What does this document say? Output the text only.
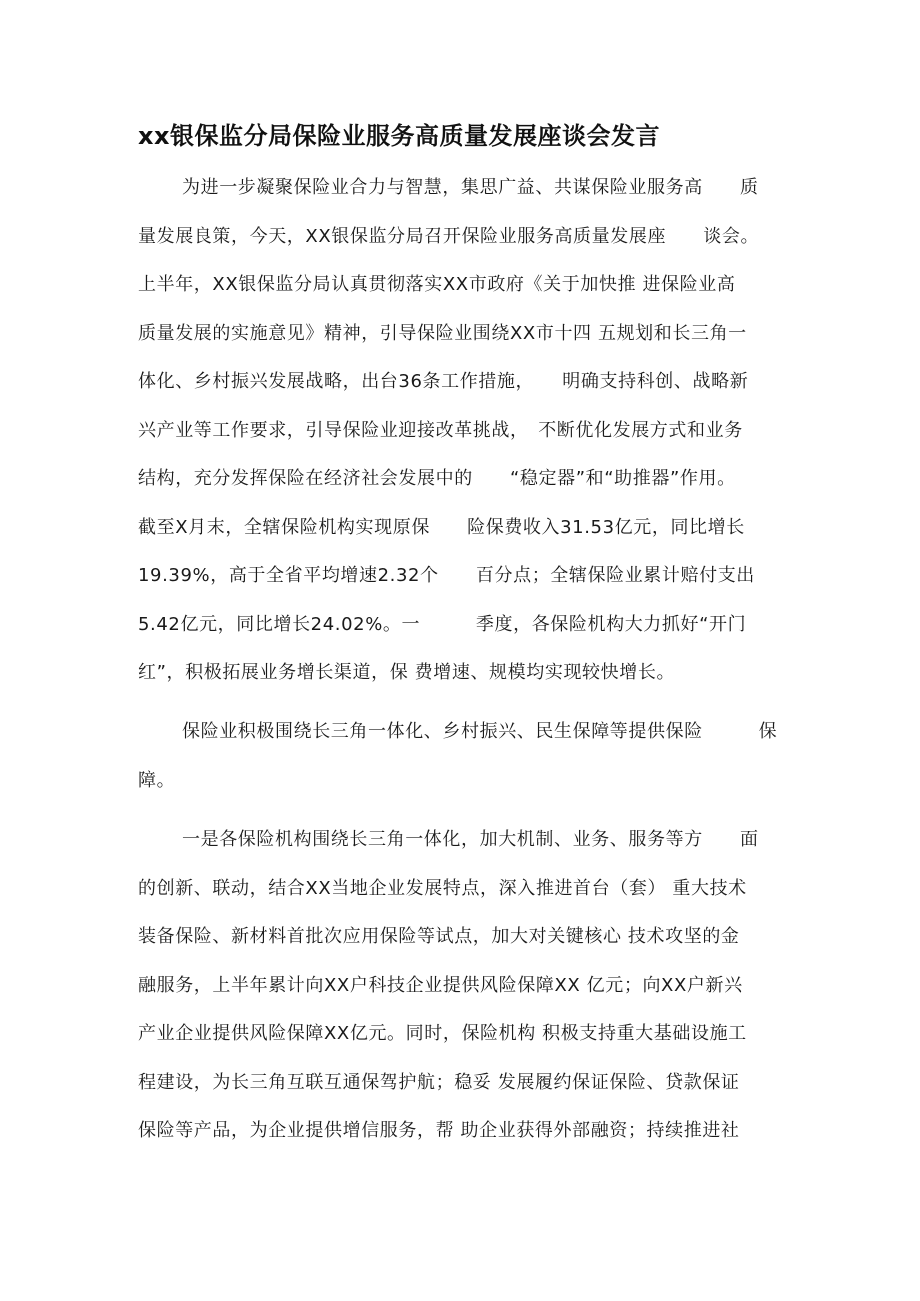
xx银保监分局保险业服务高质量发展座谈会发言
为进一步凝聚保险业合力与智慧，集思广益、共谋保险业服务高　　质
量发展良策，今天，XX银保监分局召开保险业服务高质量发展座　　谈会。
上半年，XX银保监分局认真贯彻落实XX市政府《关于加快推 进保险业高
质量发展的实施意见》精神，引导保险业围绕XX市十四 五规划和长三角一
体化、乡村振兴发展战略，出台36条工作措施，　　明确支持科创、战略新
兴产业等工作要求，引导保险业迎接改革挑战，　不断优化发展方式和业务
结构，充分发挥保险在经济社会发展中的　　“稳定器”和“助推器”作用。
截至X月末，全辖保险机构实现原保　　险保费收入31.53亿元，同比增长
19.39%，高于全省平均增速2.32个　　百分点；全辖保险业累计赔付支出
5.42亿元，同比增长24.02%。一　　　季度，各保险机构大力抓好“开门
红”，积极拓展业务增长渠道，保 费增速、规模均实现较快增长。
保险业积极围绕长三角一体化、乡村振兴、民生保障等提供保险　　　保
障。
一是各保险机构围绕长三角一体化，加大机制、业务、服务等方　　面
的创新、联动，结合XX当地企业发展特点，深入推进首台（套） 重大技术
装备保险、新材料首批次应用保险等试点，加大对关键核心 技术攻坚的金
融服务，上半年累计向XX户科技企业提供风险保障XX 亿元；向XX户新兴
产业企业提供风险保障XX亿元。同时，保险机构 积极支持重大基础设施工
程建设，为长三角互联互通保驾护航；稳妥 发展履约保证保险、贷款保证
保险等产品，为企业提供增信服务，帮 助企业获得外部融资；持续推进社
